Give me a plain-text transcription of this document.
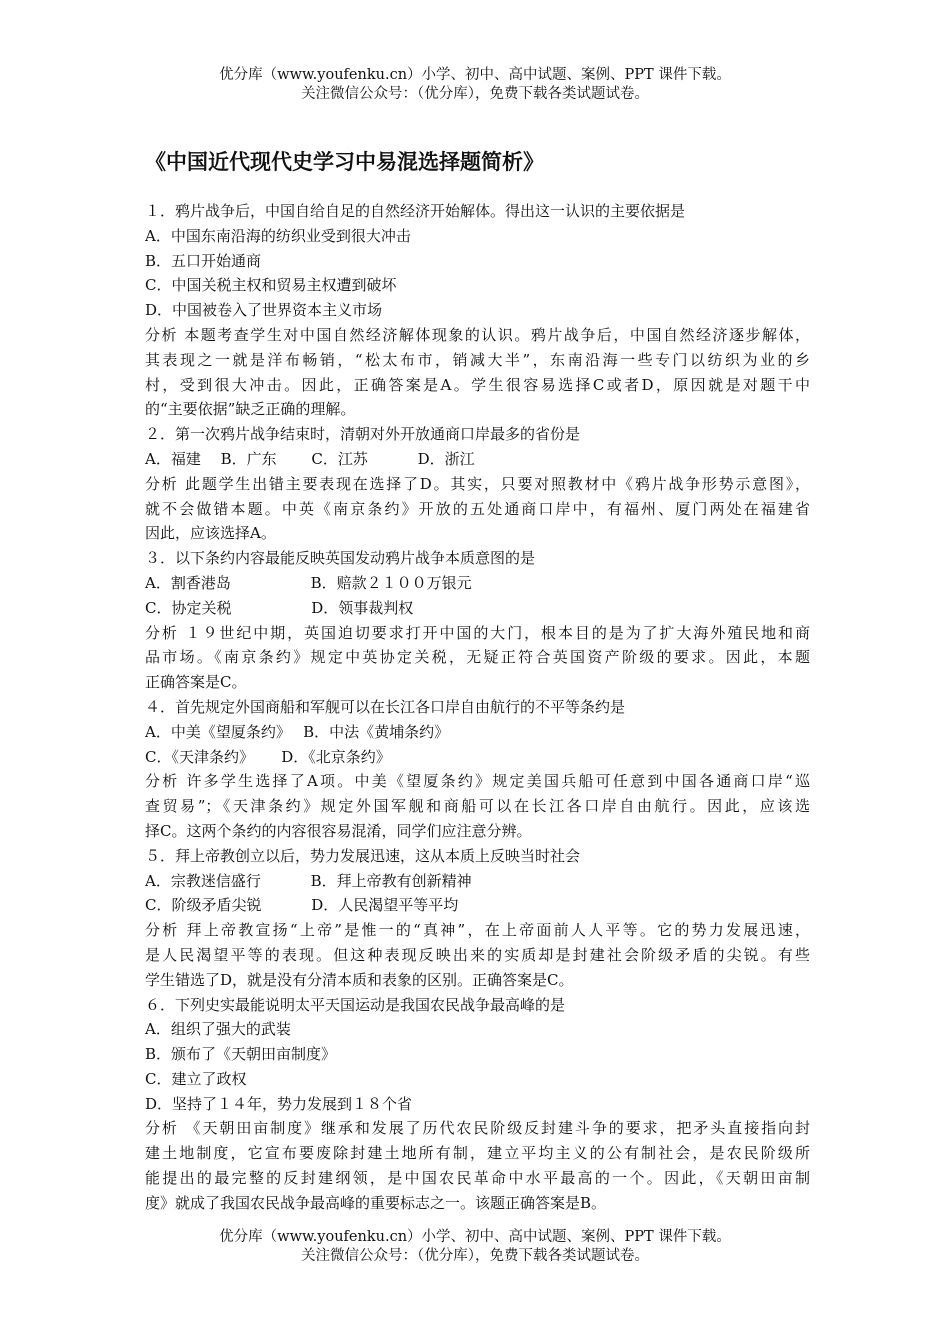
优分库（www.youfenku.cn）小学、初中、高中试题、案例、PPT 课件下载。
关注微信公众号：（优分库），免费下载各类试题试卷。
《中国近代现代史学习中易混选择题简析》
１．鸦片战争后，中国自给自足的自然经济开始解体。得出这一认识的主要依据是
A．中国东南沿海的纺织业受到很大冲击
B．五口开始通商
C．中国关税主权和贸易主权遭到破坏
D．中国被卷入了世界资本主义市场
分析 本题考查学生对中国自然经济解体现象的认识。鸦片战争后，中国自然经济逐步解体，
其表现之一就是洋布畅销，“松太布市，销减大半”，东南沿海一些专门以纺织为业的乡
村，受到很大冲击。因此，正确答案是A。学生很容易选择C或者D，原因就是对题干中
的“主要依据”缺乏正确的理解。
２．第一次鸦片战争结束时，清朝对外开放通商口岸最多的省份是
A．福建　 B．广东　　 C．江苏　　　 D．浙江
分析 此题学生出错主要表现在选择了D。其实，只要对照教材中《鸦片战争形势示意图》，
就不会做错本题。中英《南京条约》开放的五处通商口岸中，有福州、厦门两处在福建省
因此，应该选择A。
３．以下条约内容最能反映英国发动鸦片战争本质意图的是
A．割香港岛　　　　　 B．赔款２１００万银元
C．协定关税　　　　　 D．领事裁判权
分析 １９世纪中期，英国迫切要求打开中国的大门，根本目的是为了扩大海外殖民地和商
品市场。《南京条约》规定中英协定关税，无疑正符合英国资产阶级的要求。因此，本题
正确答案是C。
４．首先规定外国商船和军舰可以在长江各口岸自由航行的不平等条约是
A．中美《望厦条约》　 B．中法《黄埔条约》
C．《天津条约》　　 D．《北京条约》
分析 许多学生选择了A项。中美《望厦条约》规定美国兵船可任意到中国各通商口岸“巡
查贸易”；《天津条约》规定外国军舰和商船可以在长江各口岸自由航行。因此，应该选
择C。这两个条约的内容很容易混淆，同学们应注意分辨。
５．拜上帝教创立以后，势力发展迅速，这从本质上反映当时社会
A．宗教迷信盛行　　　 B．拜上帝教有创新精神
C．阶级矛盾尖锐　　　 D．人民渴望平等平均
分析 拜上帝教宣扬“上帝”是惟一的“真神”，在上帝面前人人平等。它的势力发展迅速，
是人民渴望平等的表现。但这种表现反映出来的实质却是封建社会阶级矛盾的尖锐。有些
学生错选了D，就是没有分清本质和表象的区别。正确答案是C。
６．下列史实最能说明太平天国运动是我国农民战争最高峰的是
A．组织了强大的武装
B．颁布了《天朝田亩制度》
C．建立了政权
D．坚持了１４年，势力发展到１８个省
分析 《天朝田亩制度》继承和发展了历代农民阶级反封建斗争的要求，把矛头直接指向封
建土地制度，它宣布要废除封建土地所有制，建立平均主义的公有制社会，是农民阶级所
能提出的最完整的反封建纲领，是中国农民革命中水平最高的一个。因此，《天朝田亩制
度》就成了我国农民战争最高峰的重要标志之一。该题正确答案是B。
优分库（www.youfenku.cn）小学、初中、高中试题、案例、PPT 课件下载。
关注微信公众号：（优分库），免费下载各类试题试卷。
